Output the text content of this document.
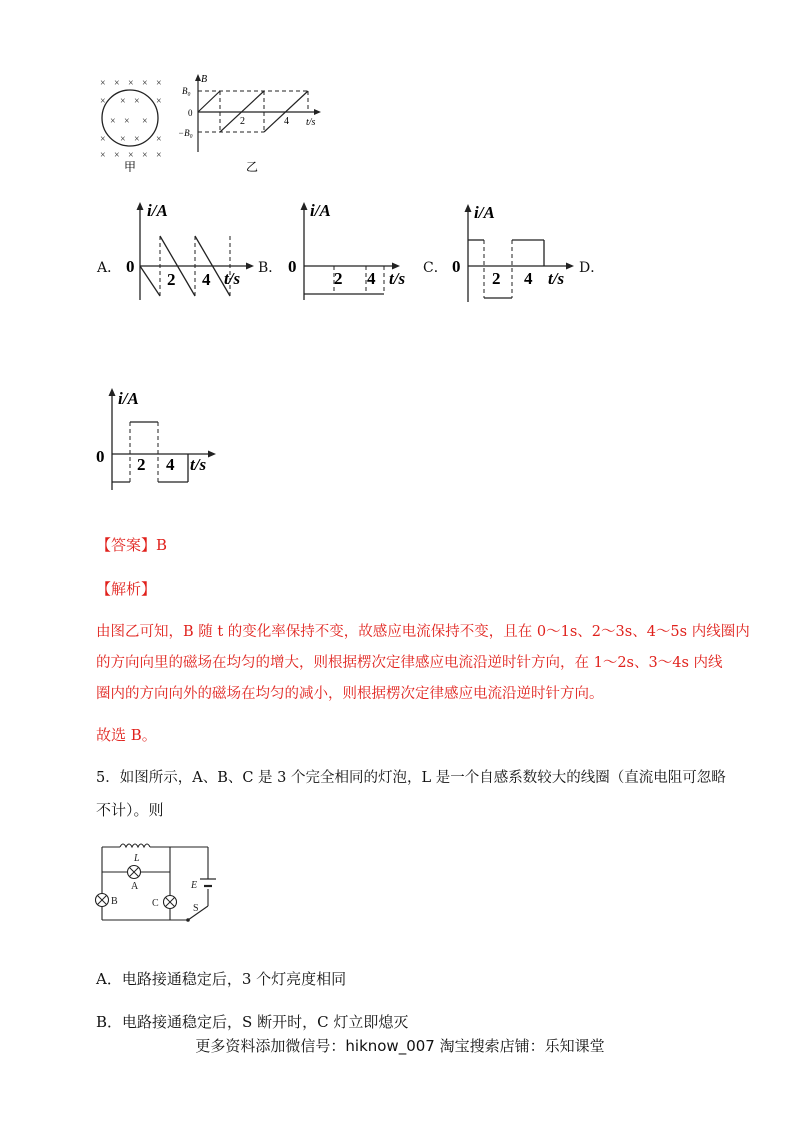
× × × × ×
× × × ×
× × ×
× × × ×
× × × × ×
甲
B
B₀
0
−B₀
2	4 t/s
乙
A．
i/A
0
2 4 t/s
B．
i/A
0
2 4 t/s
C．
i/A
0
2 4 t/s
D．
i/A
0 2 4 t/s
【答案】B
【解析】
由图乙可知，B 随 t 的变化率保持不变，故感应电流保持不变，且在 0～1s、2～3s、4～5s 内线圈内
的方向向里的磁场在均匀的增大，则根据楞次定律感应电流沿逆时针方向，在 1～2s、3～4s 内线
圈内的方向向外的磁场在均匀的减小，则根据楞次定律感应电流沿逆时针方向。
故选 B。
5．如图所示，A、B、C 是 3 个完全相同的灯泡，L 是一个自感系数较大的线圈（直流电阻可忽略
不计）。则
L
A
B	C
E
S
A．电路接通稳定后，3 个灯亮度相同
B．电路接通稳定后，S 断开时，C 灯立即熄灭
更多资料添加微信号：hiknow_007 淘宝搜索店铺：乐知课堂
